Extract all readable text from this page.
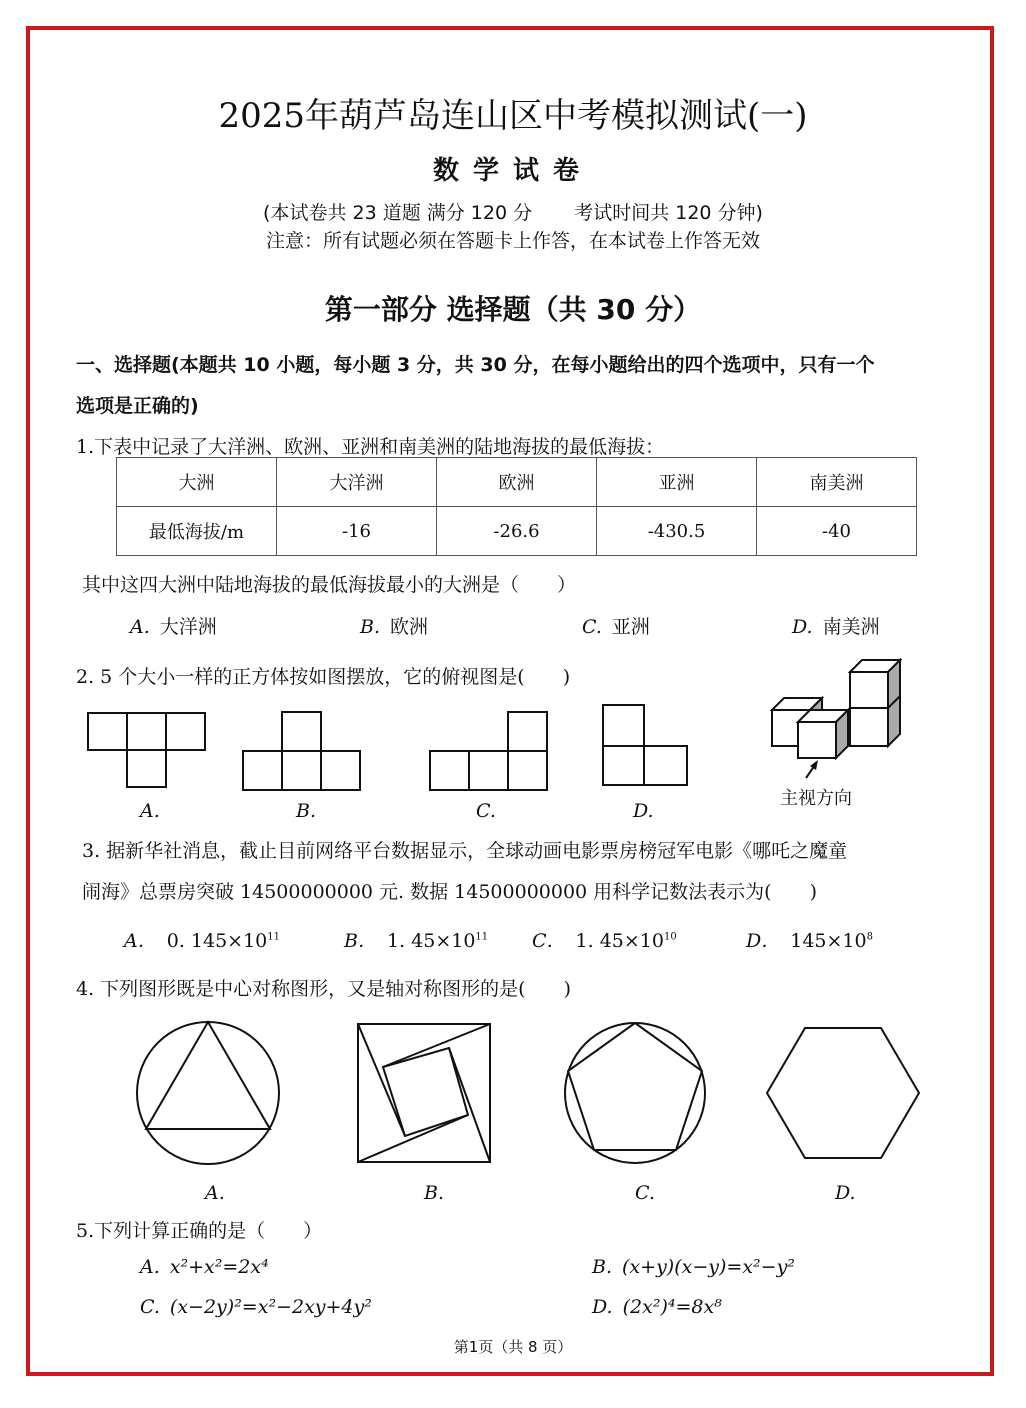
2025年葫芦岛连山区中考模拟测试(一)
数学试卷
(本试卷共 23 道题 满分 120 分 考试时间共 120 分钟)
注意：所有试题必须在答题卡上作答，在本试卷上作答无效
第一部分 选择题（共 30 分）
一、选择题(本题共 10 小题，每小题 3 分，共 30 分，在每小题给出的四个选项中，只有一个
选项是正确的)
1.下表中记录了大洋洲、欧洲、亚洲和南美洲的陆地海拔的最低海拔：
大洲	大洋洲	欧洲	亚洲	南美洲
最低海拔/m	-16	-26.6	-430.5	-40
其中这四大洲中陆地海拔的最低海拔最小的大洲是（　　）
A. 大洋洲	B. 欧洲	C. 亚洲	D. 南美洲
2. 5 个大小一样的正方体按如图摆放，它的俯视图是(　　)
A.	B.	C.	D.
主视方向
3. 据新华社消息，截止目前网络平台数据显示，全球动画电影票房榜冠军电影《哪吒之魔童
闹海》总票房突破 14500000000 元. 数据 14500000000 用科学记数法表示为(　　)
A． 0. $145\times 10^{11}$	B． 1. $45\times 10^{11}$ C． 1. $45\times 10^{10}$	D． $145\times 10^8$
4. 下列图形既是中心对称图形，又是轴对称图形的是(　　)
A.	B.	C.	D.
5.下列计算正确的是（　　）
A. x²+x²=2x⁴	B. (x+y)(x−y)=x²−y²
C. (x−2y)²=x²−2xy+4y²	D. (2x²)⁴=8x⁸
第1页（共 8 页）
